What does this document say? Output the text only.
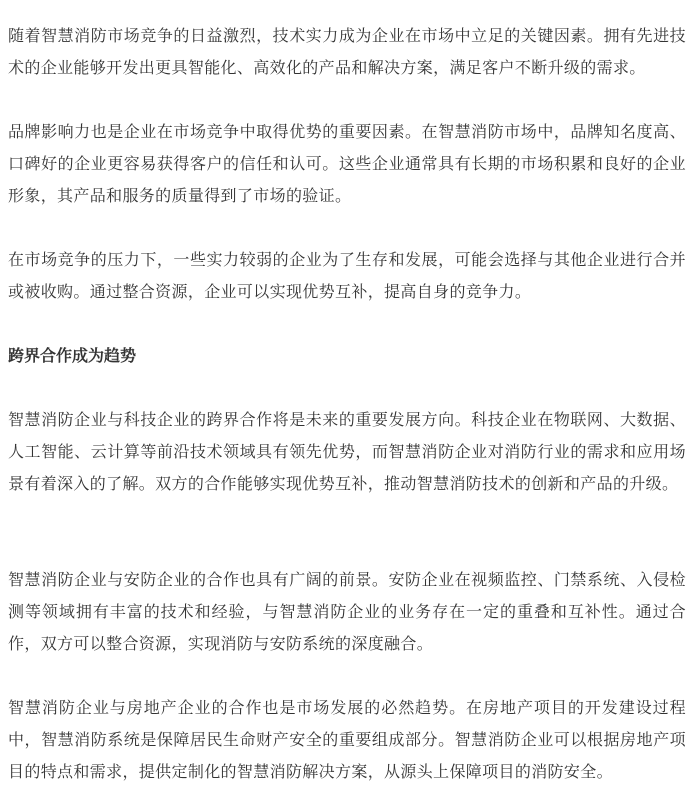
随着智慧消防市场竞争的日益激烈，技术实力成为企业在市场中立足的关键因素。拥有先进技术的企业能够开发出更具智能化、高效化的产品和解决方案，满足客户不断升级的需求。

品牌影响力也是企业在市场竞争中取得优势的重要因素。在智慧消防市场中，品牌知名度高、口碑好的企业更容易获得客户的信任和认可。这些企业通常具有长期的市场积累和良好的企业形象，其产品和服务的质量得到了市场的验证。

在市场竞争的压力下，一些实力较弱的企业为了生存和发展，可能会选择与其他企业进行合并或被收购。通过整合资源，企业可以实现优势互补，提高自身的竞争力。

跨界合作成为趋势

智慧消防企业与科技企业的跨界合作将是未来的重要发展方向。科技企业在物联网、大数据、人工智能、云计算等前沿技术领域具有领先优势，而智慧消防企业对消防行业的需求和应用场景有着深入的了解。双方的合作能够实现优势互补，推动智慧消防技术的创新和产品的升级。

智慧消防企业与安防企业的合作也具有广阔的前景。安防企业在视频监控、门禁系统、入侵检测等领域拥有丰富的技术和经验，与智慧消防企业的业务存在一定的重叠和互补性。通过合作，双方可以整合资源，实现消防与安防系统的深度融合。

智慧消防企业与房地产企业的合作也是市场发展的必然趋势。在房地产项目的开发建设过程中，智慧消防系统是保障居民生命财产安全的重要组成部分。智慧消防企业可以根据房地产项目的特点和需求，提供定制化的智慧消防解决方案，从源头上保障项目的消防安全。
